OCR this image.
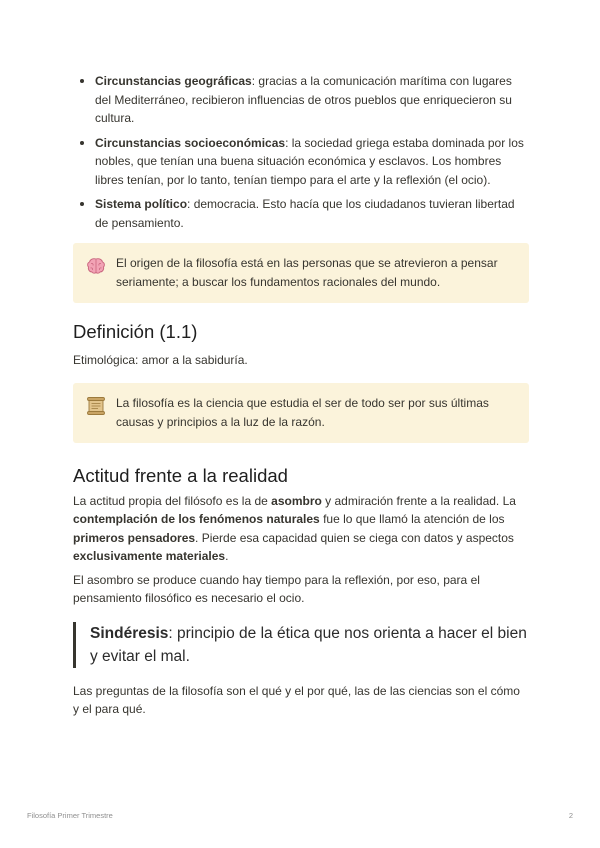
Circunstancias geográficas: gracias a la comunicación marítima con lugares del Mediterráneo, recibieron influencias de otros pueblos que enriquecieron su cultura.
Circunstancias socioeconómicas: la sociedad griega estaba dominada por los nobles, que tenían una buena situación económica y esclavos. Los hombres libres tenían, por lo tanto, tenían tiempo para el arte y la reflexión (el ocio).
Sistema político: democracia. Esto hacía que los ciudadanos tuvieran libertad de pensamiento.
El origen de la filosofía está en las personas que se atrevieron a pensar seriamente; a buscar los fundamentos racionales del mundo.
Definición (1.1)

Etimológica: amor a la sabiduría.

La filosofía es la ciencia que estudia el ser de todo ser por sus últimas causas y principios a la luz de la razón.
Actitud frente a la realidad

La actitud propia del filósofo es la de asombro y admiración frente a la realidad. La contemplación de los fenómenos naturales fue lo que llamó la atención de los primeros pensadores. Pierde esa capacidad quien se ciega con datos y aspectos exclusivamente materiales.

El asombro se produce cuando hay tiempo para la reflexión, por eso, para el pensamiento filosófico es necesario el ocio.

Sindéresis: principio de la ética que nos orienta a hacer el bien y evitar el mal.

Las preguntas de la filosofía son el qué y el por qué, las de las ciencias son el cómo y el para qué.

Filosofía Primer Trimestre	2
